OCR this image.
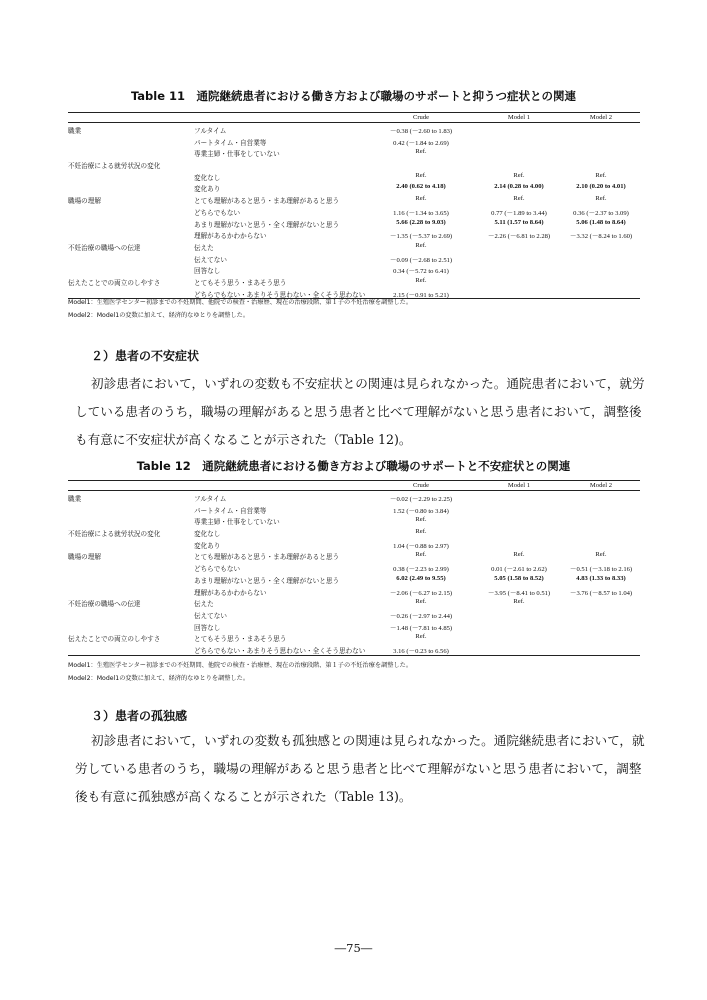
Table 11　通院継続患者における働き方および職場のサポートと抑うつ症状との関連
Crude	Model 1	Model 2
職業	フルタイム	－0.38 (－2.60 to 1.83)
パートタイム・自営業等	0.42 (－1.84 to 2.69)
専業主婦・仕事をしていない	Ref.
不妊治療による就労状況の変化
変化なし	Ref.	Ref.	Ref.
変化あり	2.40 (0.62 to 4.18)	2.14 (0.28 to 4.00)	2.10 (0.20 to 4.01)
職場の理解	とても理解があると思う・まあ理解があると思う	Ref.	Ref.	Ref.
どちらでもない	1.16 (－1.34 to 3.65)	0.77 (－1.89 to 3.44)	0.36 (－2.37 to 3.09)
あまり理解がないと思う・全く理解がないと思う	5.66 (2.28 to 9.03)	5.11 (1.57 to 8.64)	5.06 (1.48 to 8.64)
理解があるかわからない	－1.35 (－5.37 to 2.69)	－2.26 (－6.81 to 2.28)	－3.32 (－8.24 to 1.60)
不妊治療の職場への伝達	伝えた	Ref.
伝えてない	－0.09 (－2.68 to 2.51)
回答なし	0.34 (－5.72 to 6.41)
伝えたことでの両立のしやすさ	とてもそう思う・まあそう思う	Ref.
どちらでもない・あまりそう思わない・全くそう思わない	2.15 (－0.91 to 5.21)
Model1：生殖医学センター初診までの不妊期間、他院での検査・治療歴、現在の治療段階、第１子の不妊治療を調整した。
Model2：Model1の変数に加えて、経済的なゆとりを調整した。
２）患者の不安症状

初診患者において，いずれの変数も不安症状との関連は見られなかった。通院患者において，就労
している患者のうち，職場の理解があると思う患者と比べて理解がないと思う患者において，調整後
も有意に不安症状が高くなることが示された（Table 12)。

Table 12　通院継続患者における働き方および職場のサポートと不安症状との関連
Crude	Model 1	Model 2
職業	フルタイム	－0.02 (－2.29 to 2.25)
パートタイム・自営業等	1.52 (－0.80 to 3.84)
専業主婦・仕事をしていない	Ref.
不妊治療による就労状況の変化	変化なし	Ref.
変化あり	1.04 (－0.88 to 2.97)
職場の理解	とても理解があると思う・まあ理解があると思う	Ref.	Ref.	Ref.
どちらでもない	0.38 (－2.23 to 2.99)	0.01 (－2.61 to 2.62)	－0.51 (－3.18 to 2.16)
あまり理解がないと思う・全く理解がないと思う	6.02 (2.49 to 9.55)	5.05 (1.58 to 8.52)	4.83 (1.33 to 8.33)
理解があるかわからない	－2.06 (－6.27 to 2.15)	－3.95 (－8.41 to 0.51)	－3.76 (－8.57 to 1.04)
不妊治療の職場への伝達	伝えた	Ref.	Ref.
伝えてない	－0.26 (－2.97 to 2.44)
回答なし	－1.48 (－7.81 to 4.85)
伝えたことでの両立のしやすさ	とてもそう思う・まあそう思う	Ref.
どちらでもない・あまりそう思わない・全くそう思わない	3.16 (－0.23 to 6.56)
Model1：生殖医学センター初診までの不妊期間、他院での検査・治療歴、現在の治療段階、第１子の不妊治療を調整した。
Model2：Model1の変数に加えて、経済的なゆとりを調整した。
３）患者の孤独感

初診患者において，いずれの変数も孤独感との関連は見られなかった。通院継続患者において，就
労している患者のうち，職場の理解があると思う患者と比べて理解がないと思う患者において，調整
後も有意に孤独感が高くなることが示された（Table 13)。

―75―
